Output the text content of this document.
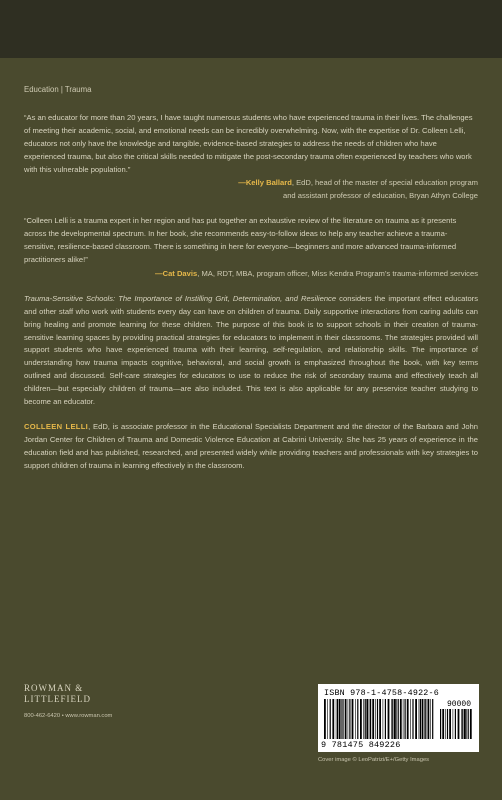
Education | Trauma

“As an educator for more than 20 years, I have taught numerous students who have experienced trauma in their lives. The challenges of meeting their academic, social, and emotional needs can be incredibly overwhelming. Now, with the expertise of Dr. Colleen Lelli, educators not only have the knowledge and tangible, evidence-based strategies to address the needs of children who have experienced trauma, but also the critical skills needed to mitigate the post-secondary trauma often experienced by teachers who work with this vulnerable population.”

—Kelly Ballard, EdD, head of the master of special education program
and assistant professor of education, Bryan Athyn College

“Colleen Lelli is a trauma expert in her region and has put together an exhaustive review of the literature on trauma as it presents across the developmental spectrum. In her book, she recommends easy-to-follow ideas to help any teacher achieve a trauma-sensitive, resilience-based classroom. There is something in here for everyone—beginners and more advanced trauma-informed practitioners alike!”

—Cat Davis, MA, RDT, MBA, program officer, Miss Kendra Program’s trauma-informed services

Trauma-Sensitive Schools: The Importance of Instilling Grit, Determination, and Resilience considers the important effect educators and other staff who work with students every day can have on children of trauma. Daily supportive interactions from caring adults can bring healing and promote learning for these children. The purpose of this book is to support schools in their creation of trauma-sensitive learning spaces by providing practical strategies for educators to implement in their classrooms. The strategies provided will support students who have experienced trauma with their learning, self-regulation, and relationship skills. The importance of understanding how trauma impacts cognitive, behavioral, and social growth is emphasized throughout the book, with key terms outlined and discussed. Self-care strategies for educators to use to reduce the risk of secondary trauma and effectively teach all children—but especially children of trauma—are also included. This text is also applicable for any preservice teacher studying to become an educator.

COLLEEN LELLI, EdD, is associate professor in the Educational Specialists Department and the director of the Barbara and John Jordan Center for Children of Trauma and Domestic Violence Education at Cabrini University. She has 25 years of experience in the education field and has published, researched, and presented widely while providing teachers and professionals with key strategies to support children of trauma in learning effectively in the classroom.

ROWMAN &
LITTLEFIELD
800-462-6420 • www.rowman.com
ISBN 978-1-4758-4922-6
90000
9 781475 849226
Cover image © LeoPatrizi/E+/Getty Images
